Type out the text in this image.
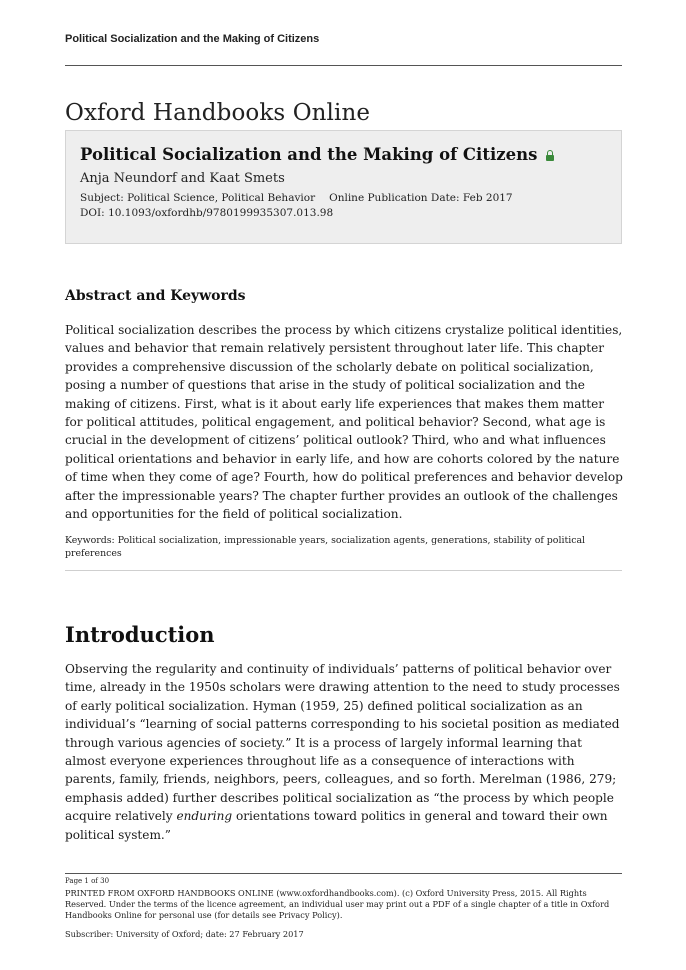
Political Socialization and the Making of Citizens
Oxford Handbooks Online
Political Socialization and the Making of Citizens
Anja Neundorf and Kaat Smets
Subject: Political Science, Political Behavior Online Publication Date: Feb 2017
DOI: 10.1093/oxfordhb/9780199935307.013.98
Abstract and Keywords
Political socialization describes the process by which citizens crystalize political identities, values and behavior that remain relatively persistent throughout later life. This chapter provides a comprehensive discussion of the scholarly debate on political socialization, posing a number of questions that arise in the study of political socialization and the making of citizens. First, what is it about early life experiences that makes them matter for political attitudes, political engagement, and political behavior? Second, what age is crucial in the development of citizens’ political outlook? Third, who and what influences political orientations and behavior in early life, and how are cohorts colored by the nature of time when they come of age? Fourth, how do political preferences and behavior develop after the impressionable years? The chapter further provides an outlook of the challenges and opportunities for the field of political socialization.
Keywords: Political socialization, impressionable years, socialization agents, generations, stability of political preferences
Introduction
Observing the regularity and continuity of individuals’ patterns of political behavior over time, already in the 1950s scholars were drawing attention to the need to study processes of early political socialization. Hyman (1959, 25) defined political socialization as an individual’s “learning of social patterns corresponding to his societal position as mediated through various agencies of society.” It is a process of largely informal learning that almost everyone experiences throughout life as a consequence of interactions with parents, family, friends, neighbors, peers, colleagues, and so forth. Merelman (1986, 279; emphasis added) further describes political socialization as “the process by which people acquire relatively enduring orientations toward politics in general and toward their own political system.”
Page 1 of 30
PRINTED FROM OXFORD HANDBOOKS ONLINE (www.oxfordhandbooks.com). (c) Oxford University Press, 2015. All Rights Reserved. Under the terms of the licence agreement, an individual user may print out a PDF of a single chapter of a title in Oxford Handbooks Online for personal use (for details see Privacy Policy).
Subscriber: University of Oxford; date: 27 February 2017
